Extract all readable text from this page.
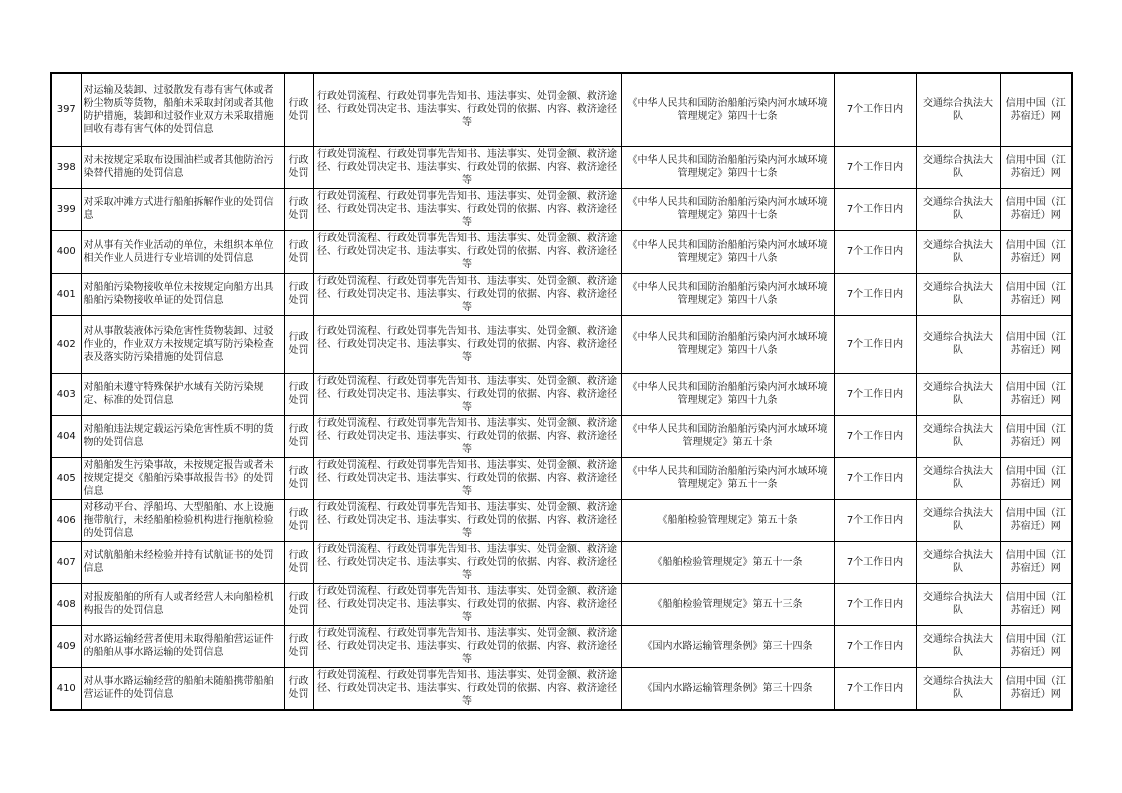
397	对运输及装卸、过驳散发有毒有害气体或者粉尘物质等货物，船舶未采取封闭或者其他防护措施，装卸和过驳作业双方未采取措施回收有毒有害气体的处罚信息	行政处罚	行政处罚流程、行政处罚事先告知书、违法事实、处罚金额、救济途径、行政处罚决定书、违法事实、行政处罚的依据、内容、救济途径等	《中华人民共和国防治船舶污染内河水域环境管理规定》第四十七条	7个工作日内	交通综合执法大队	信用中国（江苏宿迁）网
398	对未按规定采取布设围油栏或者其他防治污染替代措施的处罚信息	行政处罚	行政处罚流程、行政处罚事先告知书、违法事实、处罚金额、救济途径、行政处罚决定书、违法事实、行政处罚的依据、内容、救济途径等	《中华人民共和国防治船舶污染内河水域环境管理规定》第四十七条	7个工作日内	交通综合执法大队	信用中国（江苏宿迁）网
399	对采取冲滩方式进行船舶拆解作业的处罚信息	行政处罚	行政处罚流程、行政处罚事先告知书、违法事实、处罚金额、救济途径、行政处罚决定书、违法事实、行政处罚的依据、内容、救济途径等	《中华人民共和国防治船舶污染内河水域环境管理规定》第四十七条	7个工作日内	交通综合执法大队	信用中国（江苏宿迁）网
400	对从事有关作业活动的单位，未组织本单位相关作业人员进行专业培训的处罚信息	行政处罚	行政处罚流程、行政处罚事先告知书、违法事实、处罚金额、救济途径、行政处罚决定书、违法事实、行政处罚的依据、内容、救济途径等	《中华人民共和国防治船舶污染内河水域环境管理规定》第四十八条	7个工作日内	交通综合执法大队	信用中国（江苏宿迁）网
401	对船舶污染物接收单位未按规定向船方出具船舶污染物接收单证的处罚信息	行政处罚	行政处罚流程、行政处罚事先告知书、违法事实、处罚金额、救济途径、行政处罚决定书、违法事实、行政处罚的依据、内容、救济途径等	《中华人民共和国防治船舶污染内河水域环境管理规定》第四十八条	7个工作日内	交通综合执法大队	信用中国（江苏宿迁）网
402	对从事散装液体污染危害性货物装卸、过驳作业的，作业双方未按规定填写防污染检查表及落实防污染措施的处罚信息	行政处罚	行政处罚流程、行政处罚事先告知书、违法事实、处罚金额、救济途径、行政处罚决定书、违法事实、行政处罚的依据、内容、救济途径等	《中华人民共和国防治船舶污染内河水域环境管理规定》第四十八条	7个工作日内	交通综合执法大队	信用中国（江苏宿迁）网
403	对船舶未遵守特殊保护水域有关防污染规定、标准的处罚信息	行政处罚	行政处罚流程、行政处罚事先告知书、违法事实、处罚金额、救济途径、行政处罚决定书、违法事实、行政处罚的依据、内容、救济途径等	《中华人民共和国防治船舶污染内河水域环境管理规定》第四十九条	7个工作日内	交通综合执法大队	信用中国（江苏宿迁）网
404	对船舶违法规定载运污染危害性质不明的货物的处罚信息	行政处罚	行政处罚流程、行政处罚事先告知书、违法事实、处罚金额、救济途径、行政处罚决定书、违法事实、行政处罚的依据、内容、救济途径等	《中华人民共和国防治船舶污染内河水域环境管理规定》第五十条	7个工作日内	交通综合执法大队	信用中国（江苏宿迁）网
405	对船舶发生污染事故，未按规定报告或者未按规定提交《船舶污染事故报告书》的处罚信息	行政处罚	行政处罚流程、行政处罚事先告知书、违法事实、处罚金额、救济途径、行政处罚决定书、违法事实、行政处罚的依据、内容、救济途径等	《中华人民共和国防治船舶污染内河水域环境管理规定》第五十一条	7个工作日内	交通综合执法大队	信用中国（江苏宿迁）网
406	对移动平台、浮船坞、大型船舶、水上设施拖带航行，未经船舶检验机构进行拖航检验的处罚信息	行政处罚	行政处罚流程、行政处罚事先告知书、违法事实、处罚金额、救济途径、行政处罚决定书、违法事实、行政处罚的依据、内容、救济途径等	《船舶检验管理规定》第五十条	7个工作日内	交通综合执法大队	信用中国（江苏宿迁）网
407	对试航船舶未经检验并持有试航证书的处罚信息	行政处罚	行政处罚流程、行政处罚事先告知书、违法事实、处罚金额、救济途径、行政处罚决定书、违法事实、行政处罚的依据、内容、救济途径等	《船舶检验管理规定》第五十一条	7个工作日内	交通综合执法大队	信用中国（江苏宿迁）网
408	对报废船舶的所有人或者经营人未向船检机构报告的处罚信息	行政处罚	行政处罚流程、行政处罚事先告知书、违法事实、处罚金额、救济途径、行政处罚决定书、违法事实、行政处罚的依据、内容、救济途径等	《船舶检验管理规定》第五十三条	7个工作日内	交通综合执法大队	信用中国（江苏宿迁）网
409	对水路运输经营者使用未取得船舶营运证件的船舶从事水路运输的处罚信息	行政处罚	行政处罚流程、行政处罚事先告知书、违法事实、处罚金额、救济途径、行政处罚决定书、违法事实、行政处罚的依据、内容、救济途径等	《国内水路运输管理条例》第三十四条	7个工作日内	交通综合执法大队	信用中国（江苏宿迁）网
410	对从事水路运输经营的船舶未随船携带船舶营运证件的处罚信息	行政处罚	行政处罚流程、行政处罚事先告知书、违法事实、处罚金额、救济途径、行政处罚决定书、违法事实、行政处罚的依据、内容、救济途径等	《国内水路运输管理条例》第三十四条	7个工作日内	交通综合执法大队	信用中国（江苏宿迁）网
